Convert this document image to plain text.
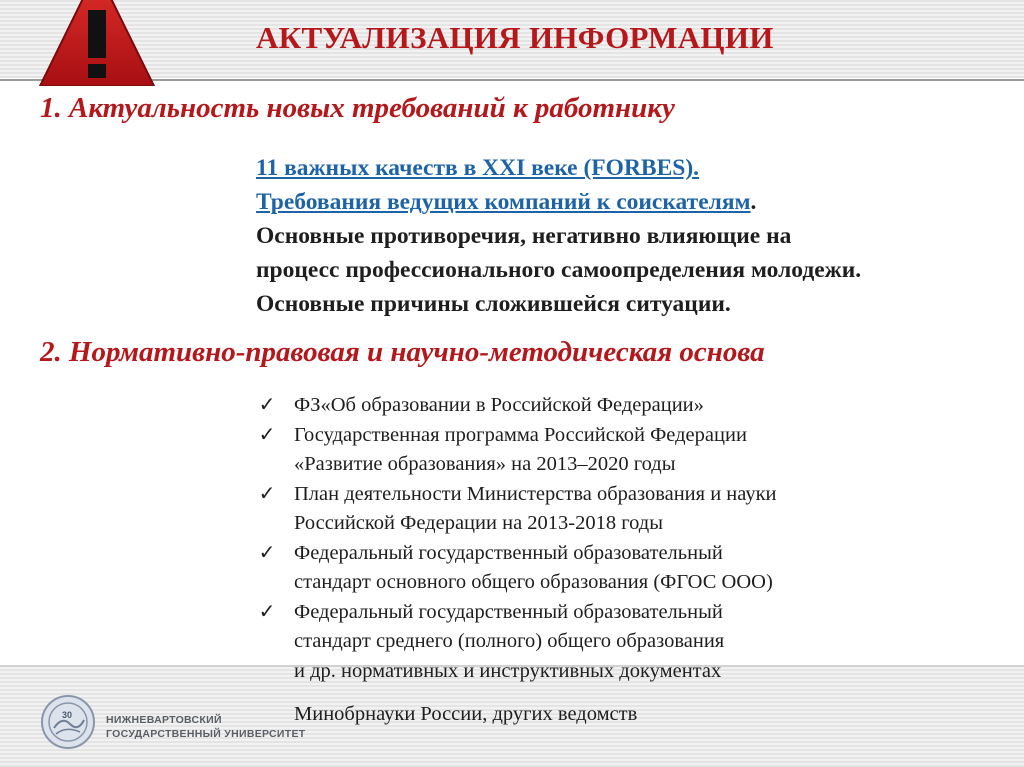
АКТУАЛИЗАЦИЯ ИНФОРМАЦИИ
1. Актуальность новых требований к работнику
11 важных качеств в XXI веке (FORBES).
Требования ведущих компаний к соискателям.
Основные противоречия, негативно влияющие на
процесс профессионального самоопределения молодежи.
Основные причины сложившейся ситуации.
2. Нормативно-правовая и научно-методическая основа
✓ ФЗ«Об образовании в Российской Федерации»
✓ Государственная программа Российской Федерации
«Развитие образования» на 2013–2020 годы
✓ План деятельности Министерства образования и науки
Российской Федерации на 2013-2018 годы
✓ Федеральный государственный образовательный
стандарт основного общего образования (ФГОС ООО)
✓ Федеральный государственный образовательный
стандарт среднего (полного) общего образования
и др. нормативных и инструктивных документах
Минобрнауки России, других ведомств
30	НИЖНЕВАРТОВСКИЙ
ГОСУДАРСТВЕННЫЙ УНИВЕРСИТЕТ
